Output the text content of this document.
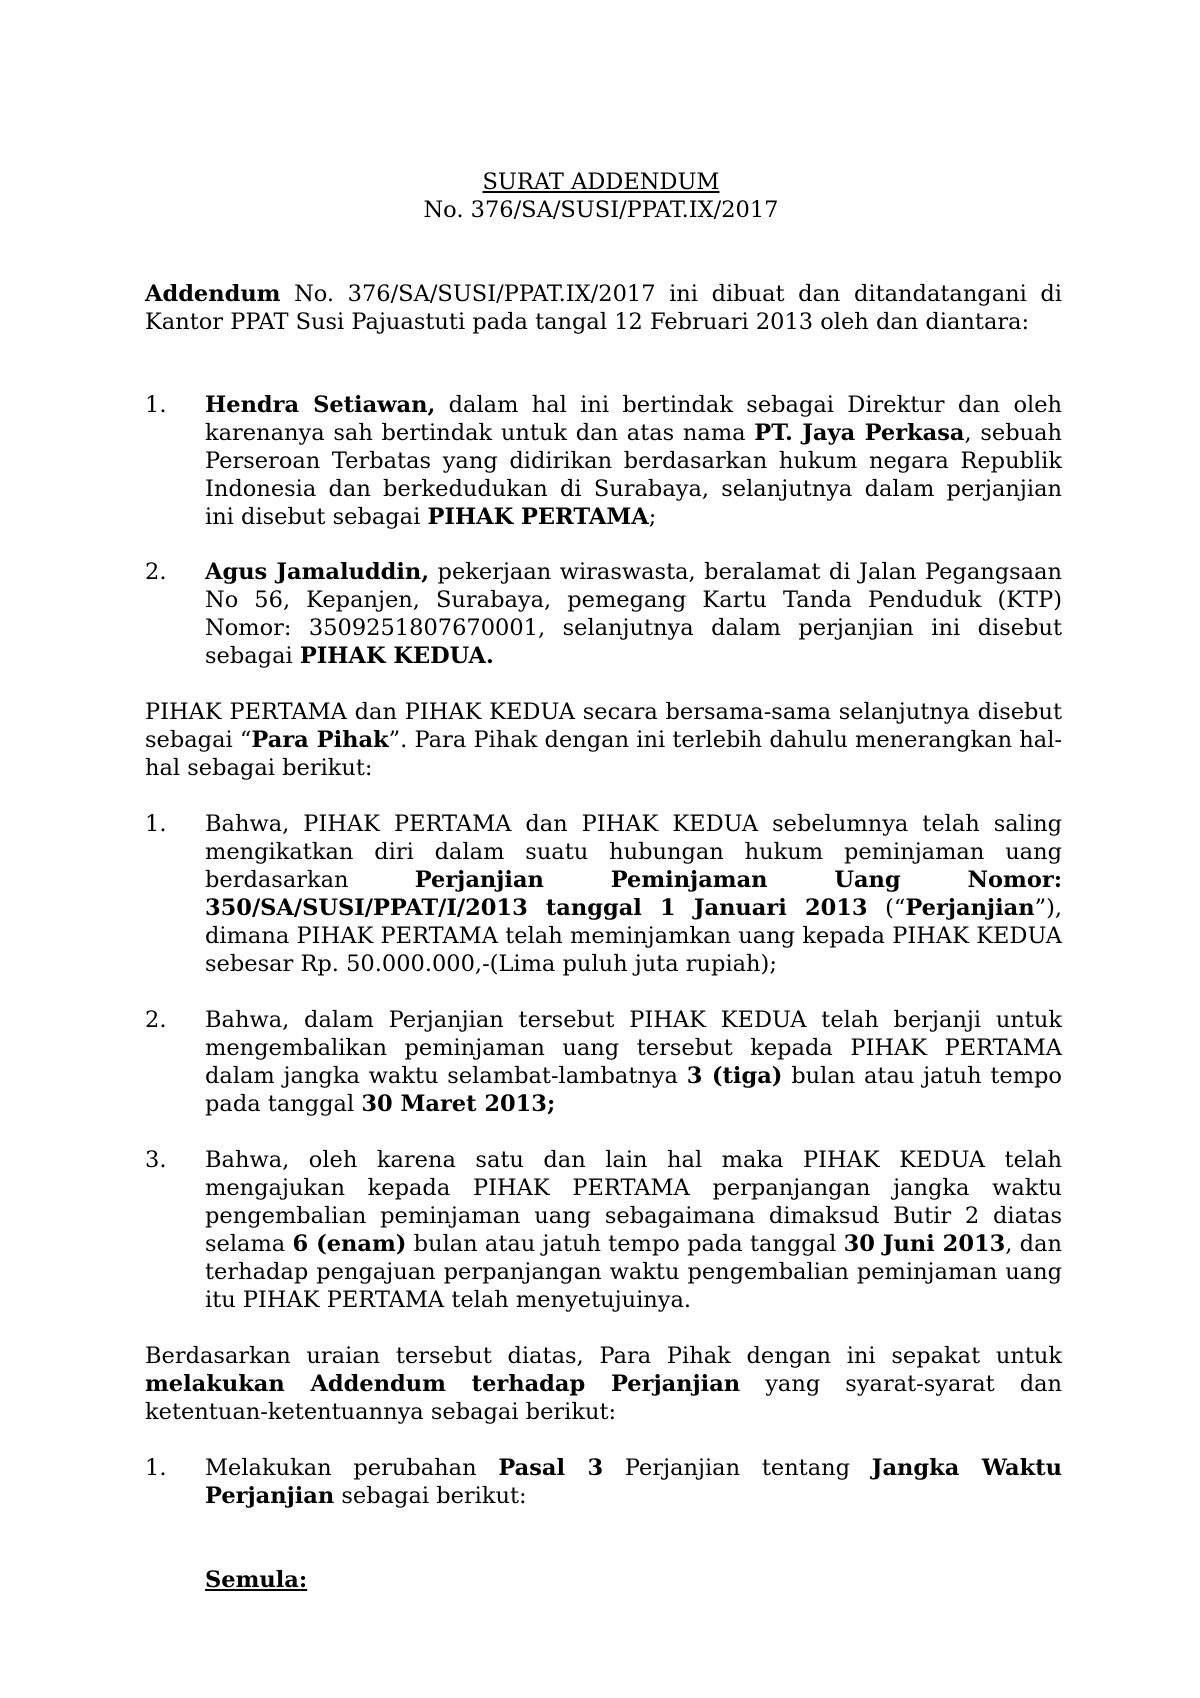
SURAT ADDENDUM

No. 376/SA/SUSI/PPAT.IX/2017

Addendum No. 376/SA/SUSI/PPAT.IX/2017 ini dibuat dan ditandatangani di Kantor PPAT Susi Pajuastuti pada tangal 12 Februari 2013 oleh dan diantara:

1.	Hendra Setiawan, dalam hal ini bertindak sebagai Direktur dan oleh karenanya sah bertindak untuk dan atas nama PT. Jaya Perkasa, sebuah Perseroan Terbatas yang didirikan berdasarkan hukum negara Republik Indonesia dan berkedudukan di Surabaya, selanjutnya dalam perjanjian ini disebut sebagai PIHAK PERTAMA;
2.	Agus Jamaluddin, pekerjaan wiraswasta, beralamat di Jalan Pegangsaan No 56, Kepanjen, Surabaya, pemegang Kartu Tanda Penduduk (KTP) Nomor: 3509251807670001, selanjutnya dalam perjanjian ini disebut sebagai PIHAK KEDUA.

PIHAK PERTAMA dan PIHAK KEDUA secara bersama-sama selanjutnya disebut sebagai “Para Pihak”. Para Pihak dengan ini terlebih dahulu menerangkan hal-hal sebagai berikut:

1.	Bahwa, PIHAK PERTAMA dan PIHAK KEDUA sebelumnya telah saling mengikatkan diri dalam suatu hubungan hukum peminjaman uang berdasarkan Perjanjian Peminjaman Uang Nomor: 350/SA/SUSI/PPAT/I/2013 tanggal 1 Januari 2013 (“Perjanjian”), dimana PIHAK PERTAMA telah meminjamkan uang kepada PIHAK KEDUA sebesar Rp. 50.000.000,-(Lima puluh juta rupiah);
2.	Bahwa, dalam Perjanjian tersebut PIHAK KEDUA telah berjanji untuk mengembalikan peminjaman uang tersebut kepada PIHAK PERTAMA dalam jangka waktu selambat-lambatnya 3 (tiga) bulan atau jatuh tempo pada tanggal 30 Maret 2013;
3.	Bahwa, oleh karena satu dan lain hal maka PIHAK KEDUA telah mengajukan kepada PIHAK PERTAMA perpanjangan jangka waktu pengembalian peminjaman uang sebagaimana dimaksud Butir 2 diatas selama 6 (enam) bulan atau jatuh tempo pada tanggal 30 Juni 2013, dan terhadap pengajuan perpanjangan waktu pengembalian peminjaman uang itu PIHAK PERTAMA telah menyetujuinya.

Berdasarkan uraian tersebut diatas, Para Pihak dengan ini sepakat untuk melakukan Addendum terhadap Perjanjian yang syarat-syarat dan ketentuan-ketentuannya sebagai berikut:

1.	Melakukan perubahan Pasal 3 Perjanjian tentang Jangka Waktu Perjanjian sebagai berikut:

Semula:
